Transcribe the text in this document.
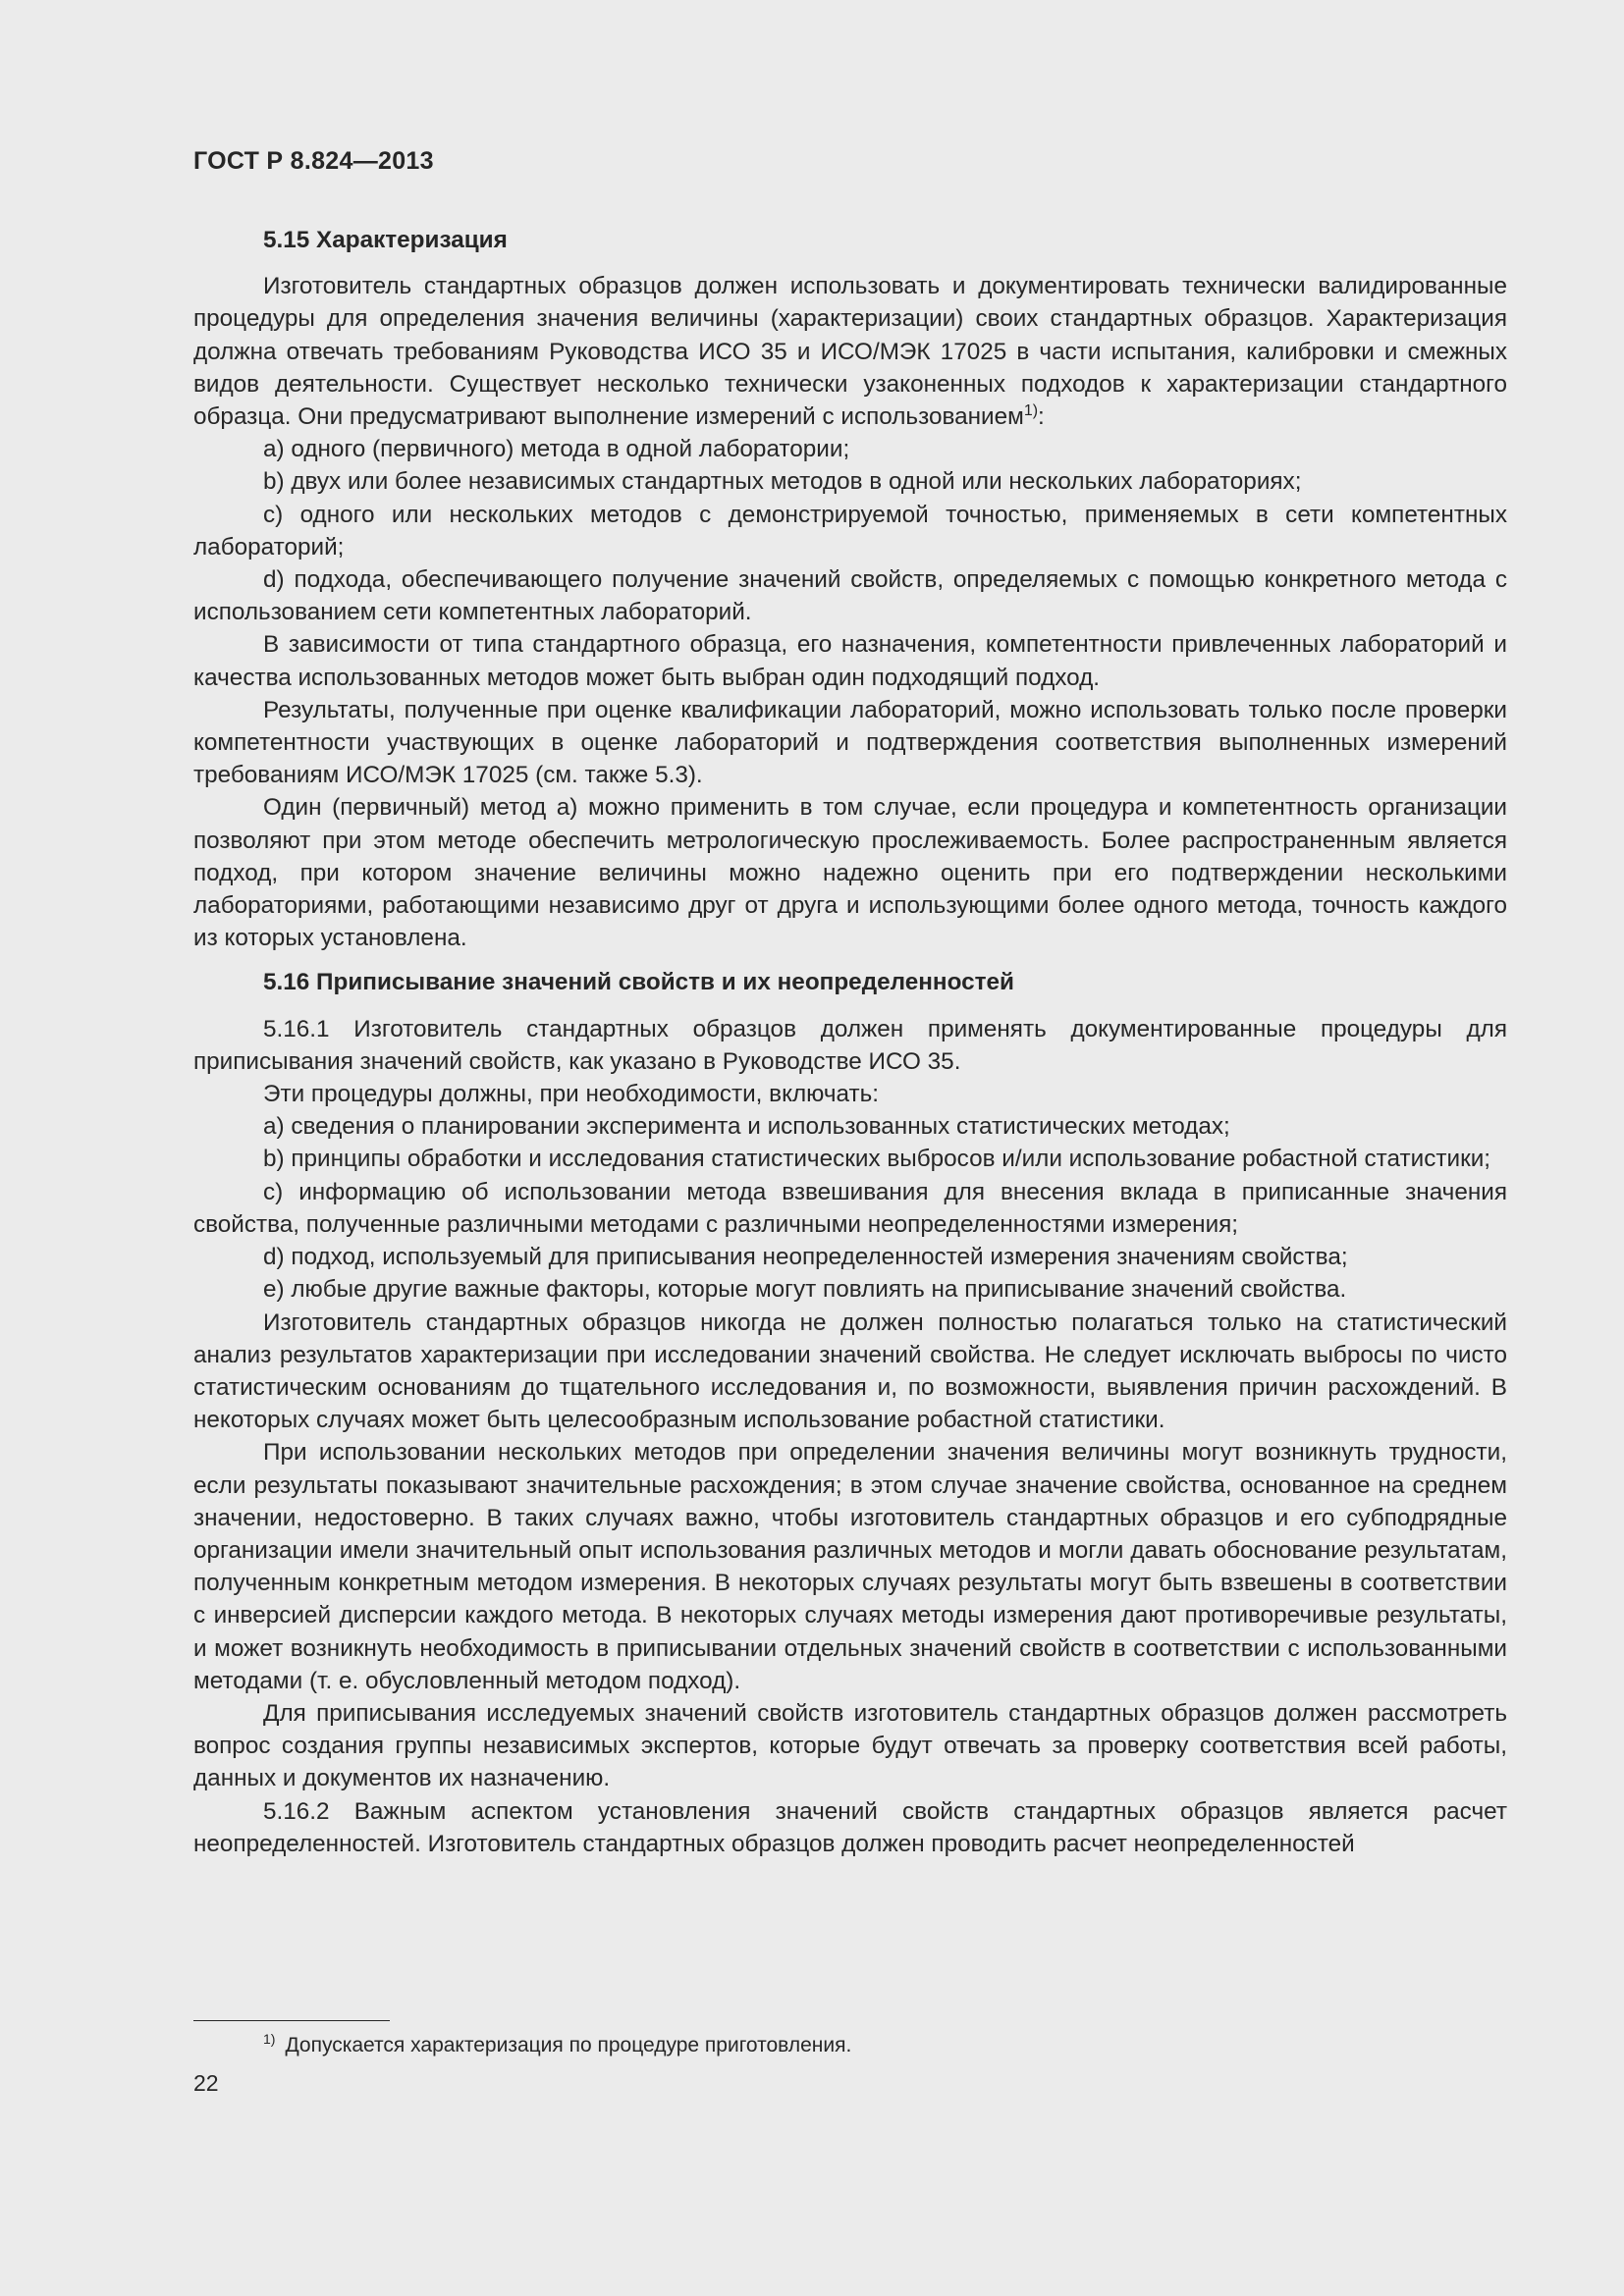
ГОСТ Р 8.824—2013
5.15 Характеризация

Изготовитель стандартных образцов должен использовать и документировать технически валидированные процедуры для определения значения величины (характеризации) своих стандартных образцов. Характеризация должна отвечать требованиям Руководства ИСО 35 и ИСО/МЭК 17025 в части испытания, калибровки и смежных видов деятельности. Существует несколько технически узаконенных подходов к характеризации стандартного образца. Они предусматривают выполнение измерений с использованием$^{1)}$:

a) одного (первичного) метода в одной лаборатории;

b) двух или более независимых стандартных методов в одной или нескольких лабораториях;

c) одного или нескольких методов с демонстрируемой точностью, применяемых в сети компетентных лабораторий;

d) подхода, обеспечивающего получение значений свойств, определяемых с помощью конкретного метода с использованием сети компетентных лабораторий.

В зависимости от типа стандартного образца, его назначения, компетентности привлеченных лабораторий и качества использованных методов может быть выбран один подходящий подход.

Результаты, полученные при оценке квалификации лабораторий, можно использовать только после проверки компетентности участвующих в оценке лабораторий и подтверждения соответствия выполненных измерений требованиям ИСО/МЭК 17025 (см. также 5.3).

Один (первичный) метод а) можно применить в том случае, если процедура и компетентность организации позволяют при этом методе обеспечить метрологическую прослеживаемость. Более распространенным является подход, при котором значение величины можно надежно оценить при его подтверждении несколькими лабораториями, работающими независимо друг от друга и использующими более одного метода, точность каждого из которых установлена.

5.16 Приписывание значений свойств и их неопределенностей

5.16.1 Изготовитель стандартных образцов должен применять документированные процедуры для приписывания значений свойств, как указано в Руководстве ИСО 35.

Эти процедуры должны, при необходимости, включать:

a) сведения о планировании эксперимента и использованных статистических методах;

b) принципы обработки и исследования статистических выбросов и/или использование робастной статистики;

c) информацию об использовании метода взвешивания для внесения вклада в приписанные значения свойства, полученные различными методами с различными неопределенностями измерения;

d) подход, используемый для приписывания неопределенностей измерения значениям свойства;

e) любые другие важные факторы, которые могут повлиять на приписывание значений свойства.

Изготовитель стандартных образцов никогда не должен полностью полагаться только на статистический анализ результатов характеризации при исследовании значений свойства. Не следует исключать выбросы по чисто статистическим основаниям до тщательного исследования и, по возможности, выявления причин расхождений. В некоторых случаях может быть целесообразным использование робастной статистики.

При использовании нескольких методов при определении значения величины могут возникнуть трудности, если результаты показывают значительные расхождения; в этом случае значение свойства, основанное на среднем значении, недостоверно. В таких случаях важно, чтобы изготовитель стандартных образцов и его субподрядные организации имели значительный опыт использования различных методов и могли давать обоснование результатам, полученным конкретным методом измерения. В некоторых случаях результаты могут быть взвешены в соответствии с инверсией дисперсии каждого метода. В некоторых случаях методы измерения дают противоречивые результаты, и может возникнуть необходимость в приписывании отдельных значений свойств в соответствии с использованными методами (т. е. обусловленный методом подход).

Для приписывания исследуемых значений свойств изготовитель стандартных образцов должен рассмотреть вопрос создания группы независимых экспертов, которые будут отвечать за проверку соответствия всей работы, данных и документов их назначению.

5.16.2 Важным аспектом установления значений свойств стандартных образцов является расчет неопределенностей. Изготовитель стандартных образцов должен проводить расчет неопределенностей

$^{1)}$ Допускается характеризация по процедуре приготовления.
22
